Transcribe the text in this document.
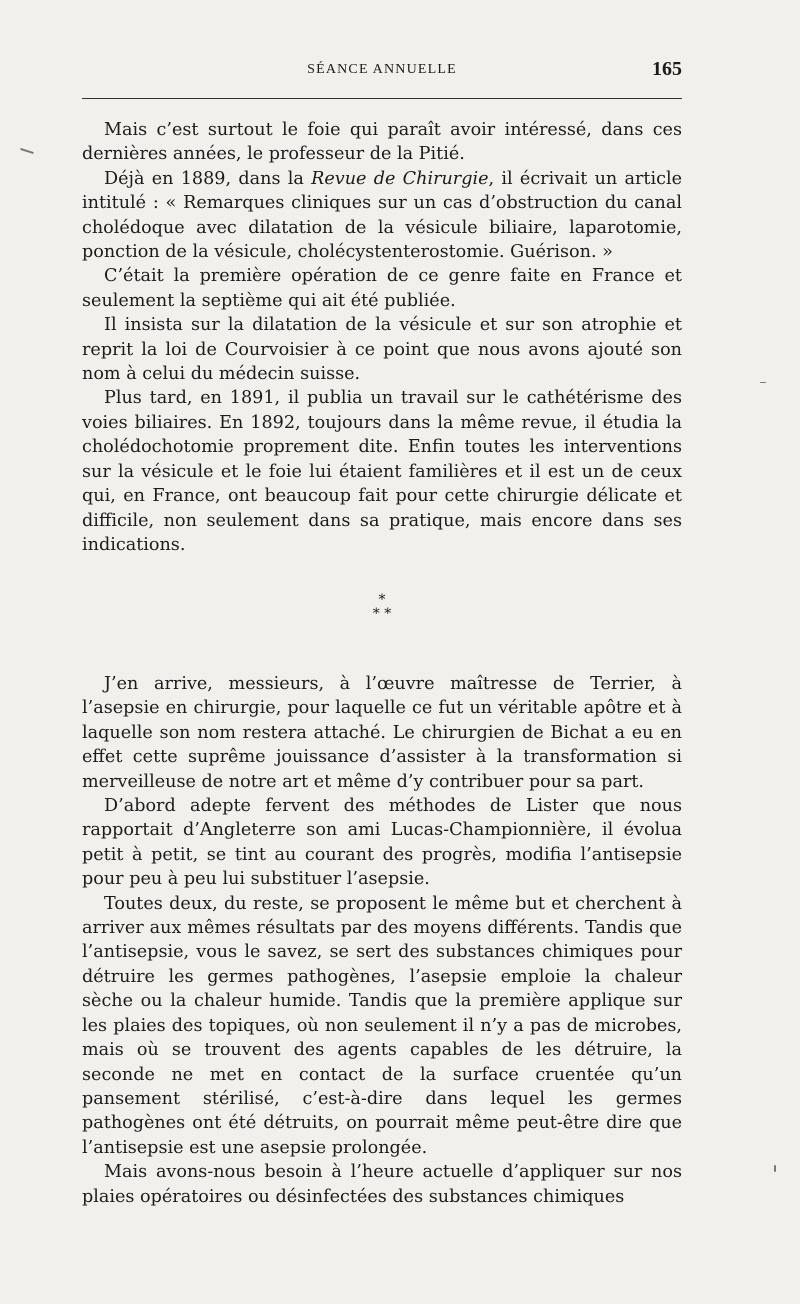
SÉANCE ANNUELLE	165

Mais c’est surtout le foie qui paraît avoir intéressé, dans ces dernières années, le professeur de la Pitié.

Déjà en 1889, dans la Revue de Chirurgie, il écrivait un article intitulé : « Remarques cliniques sur un cas d’obstruction du canal cholédoque avec dilatation de la vésicule biliaire, laparotomie, ponction de la vésicule, cholécystenterostomie. Guérison. »

C’était la première opération de ce genre faite en France et seulement la septième qui ait été publiée.

Il insista sur la dilatation de la vésicule et sur son atrophie et reprit la loi de Courvoisier à ce point que nous avons ajouté son nom à celui du médecin suisse.

Plus tard, en 1891, il publia un travail sur le cathétérisme des voies biliaires. En 1892, toujours dans la même revue, il étudia la cholédochotomie proprement dite. Enfin toutes les interventions sur la vésicule et le foie lui étaient familières et il est un de ceux qui, en France, ont beaucoup fait pour cette chirurgie délicate et difficile, non seulement dans sa pratique, mais encore dans ses indications.

*
* *

J’en arrive, messieurs, à l’œuvre maîtresse de Terrier, à l’asepsie en chirurgie, pour laquelle ce fut un véritable apôtre et à laquelle son nom restera attaché. Le chirurgien de Bichat a eu en effet cette suprême jouissance d’assister à la transformation si merveilleuse de notre art et même d’y contribuer pour sa part.

D’abord adepte fervent des méthodes de Lister que nous rapportait d’Angleterre son ami Lucas-Championnière, il évolua petit à petit, se tint au courant des progrès, modifia l’antisepsie pour peu à peu lui substituer l’asepsie.

Toutes deux, du reste, se proposent le même but et cherchent à arriver aux mêmes résultats par des moyens différents. Tandis que l’antisepsie, vous le savez, se sert des substances chimiques pour détruire les germes pathogènes, l’asepsie emploie la chaleur sèche ou la chaleur humide. Tandis que la première applique sur les plaies des topiques, où non seulement il n’y a pas de microbes, mais où se trouvent des agents capables de les détruire, la seconde ne met en contact de la surface cruentée qu’un pansement stérilisé, c’est-à-dire dans lequel les germes pathogènes ont été détruits, on pourrait même peut-être dire que l’antisepsie est une asepsie prolongée.

Mais avons-nous besoin à l’heure actuelle d’appliquer sur nos plaies opératoires ou désinfectées des substances chimiques
